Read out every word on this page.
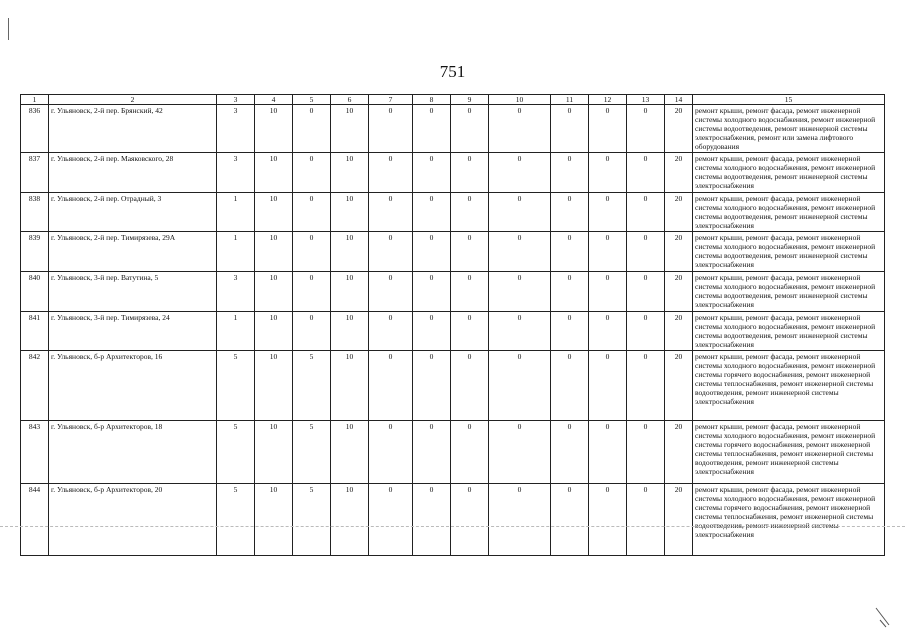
751
1	2	3	4	5	6	7	8	9	10	11	12	13	14	15
836	г. Ульяновск, 2-й пер. Брянский, 42	3	10	0	10	0	0	0	0	0	0	0	20	ремонт крыши, ремонт фасада, ремонт инженерной системы холодного водоснабжения, ремонт инженерной системы водоотведения, ремонт инженерной системы электроснабжения, ремонт или замена лифтового оборудования
837	г. Ульяновск, 2-й пер. Маяковского, 28	3	10	0	10	0	0	0	0	0	0	0	20	ремонт крыши, ремонт фасада, ремонт инженерной системы холодного водоснабжения, ремонт инженерной системы водоотведения, ремонт инженерной системы электроснабжения
838	г. Ульяновск, 2-й пер. Отрадный, 3	1	10	0	10	0	0	0	0	0	0	0	20	ремонт крыши, ремонт фасада, ремонт инженерной системы холодного водоснабжения, ремонт инженерной системы водоотведения, ремонт инженерной системы электроснабжения
839	г. Ульяновск, 2-й пер. Тимирязева, 29А	1	10	0	10	0	0	0	0	0	0	0	20	ремонт крыши, ремонт фасада, ремонт инженерной системы холодного водоснабжения, ремонт инженерной системы водоотведения, ремонт инженерной системы электроснабжения
840	г. Ульяновск, 3-й пер. Ватутина, 5	3	10	0	10	0	0	0	0	0	0	0	20	ремонт крыши, ремонт фасада, ремонт инженерной системы холодного водоснабжения, ремонт инженерной системы водоотведения, ремонт инженерной системы электроснабжения
841	г. Ульяновск, 3-й пер. Тимирязева, 24	1	10	0	10	0	0	0	0	0	0	0	20	ремонт крыши, ремонт фасада, ремонт инженерной системы холодного водоснабжения, ремонт инженерной системы водоотведения, ремонт инженерной системы электроснабжения
842	г. Ульяновск, б-р Архитекторов, 16	5	10	5	10	0	0	0	0	0	0	0	20	ремонт крыши, ремонт фасада, ремонт инженерной системы холодного водоснабжения, ремонт инженерной системы горячего водоснабжения, ремонт инженерной системы теплоснабжения, ремонт инженерной системы водоотведения, ремонт инженерной системы электроснабжения
843	г. Ульяновск, б-р Архитекторов, 18	5	10	5	10	0	0	0	0	0	0	0	20	ремонт крыши, ремонт фасада, ремонт инженерной системы холодного водоснабжения, ремонт инженерной системы горячего водоснабжения, ремонт инженерной системы теплоснабжения, ремонт инженерной системы водоотведения, ремонт инженерной системы электроснабжения
844	г. Ульяновск, б-р Архитекторов, 20	5	10	5	10	0	0	0	0	0	0	0	20	ремонт крыши, ремонт фасада, ремонт инженерной системы холодного водоснабжения, ремонт инженерной системы горячего водоснабжения, ремонт инженерной системы теплоснабжения, ремонт инженерной системы водоотведения, ремонт инженерной системы электроснабжения
